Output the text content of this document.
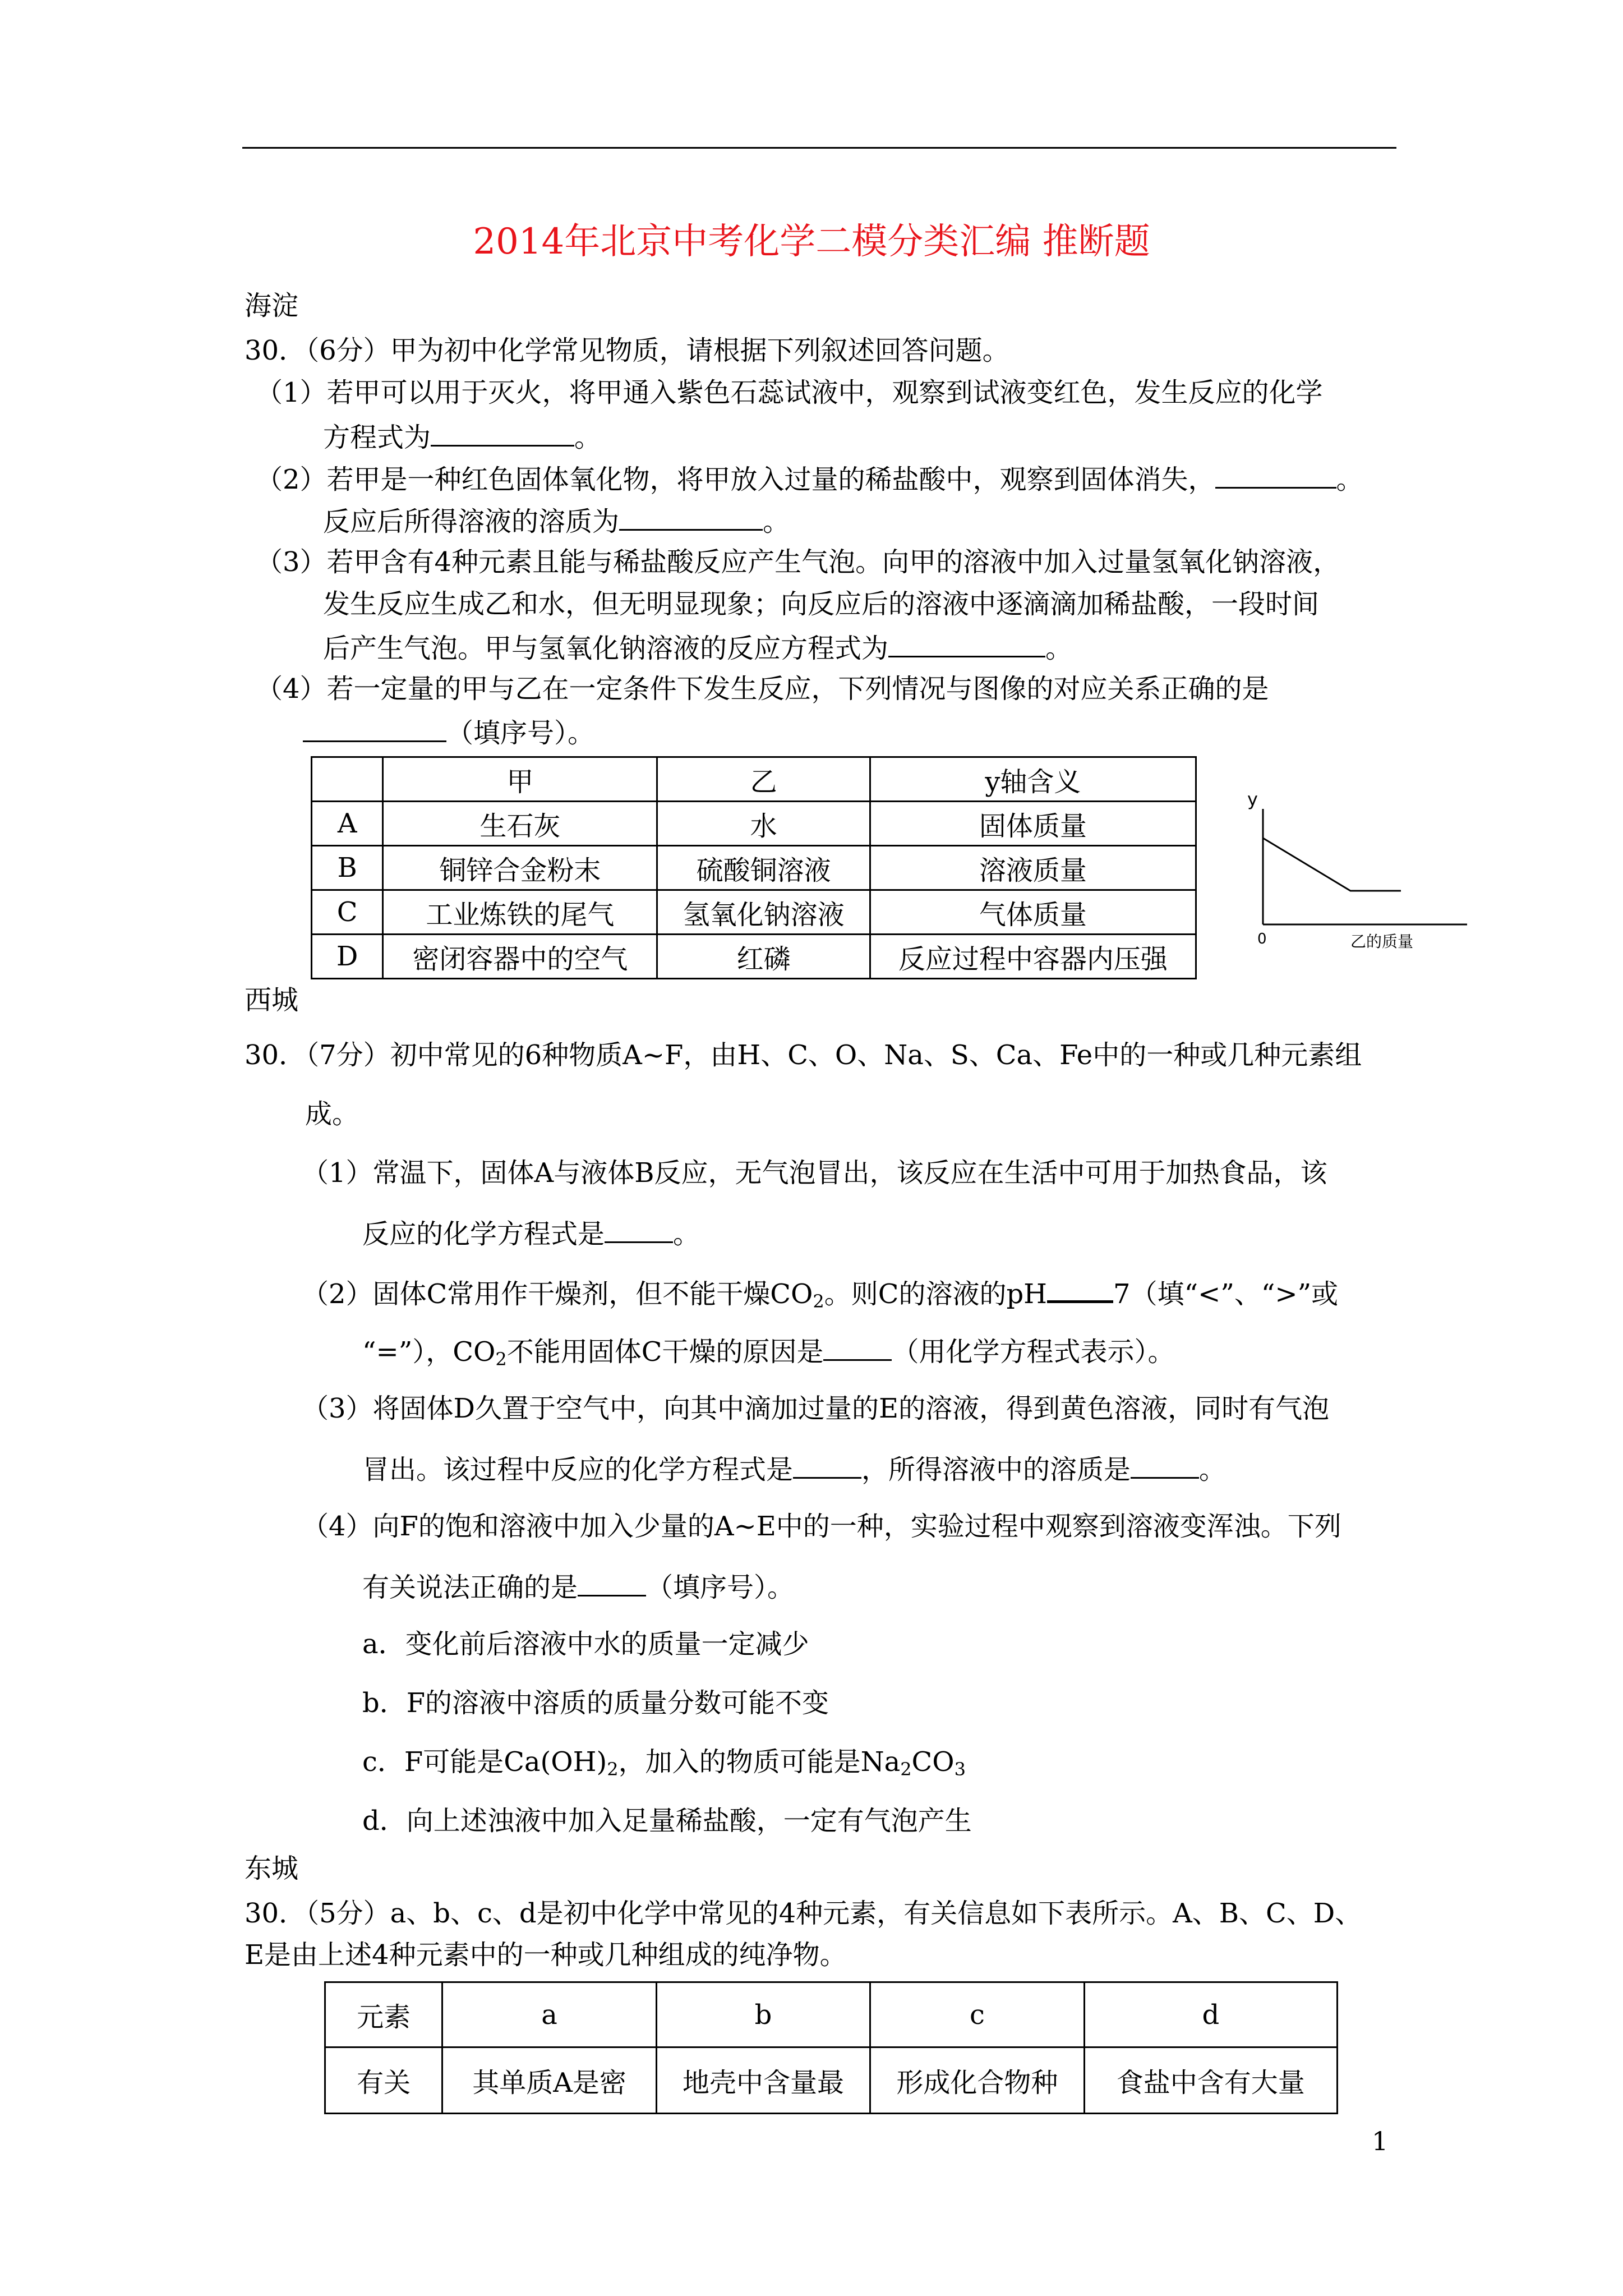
2014年北京中考化学二模分类汇编 推断题
海淀
30．（6分）甲为初中化学常见物质，请根据下列叙述回答问题。
（1）若甲可以用于灭火，将甲通入紫色石蕊试液中，观察到试液变红色，发生反应的化学
方程式为	。
（2）若甲是一种红色固体氧化物，将甲放入过量的稀盐酸中，观察到固体消失，	。
反应后所得溶液的溶质为	。
（3）若甲含有4种元素且能与稀盐酸反应产生气泡。向甲的溶液中加入过量氢氧化钠溶液，
发生反应生成乙和水，但无明显现象；向反应后的溶液中逐滴滴加稀盐酸，一段时间
后产生气泡。甲与氢氧化钠溶液的反应方程式为	。
（4）若一定量的甲与乙在一定条件下发生反应，下列情况与图像的对应关系正确的是
（填序号）。
	甲	乙	y轴含义
A	生石灰	水	固体质量
B	铜锌合金粉末	硫酸铜溶液	溶液质量
C	工业炼铁的尾气	氢氧化钠溶液	气体质量
D	密闭容器中的空气	红磷	反应过程中容器内压强
y
0	乙的质量
西城
30．（7分）初中常见的6种物质A~F，由H、C、O、Na、S、Ca、Fe中的一种或几种元素组
成。
（1）常温下，固体A与液体B反应，无气泡冒出，该反应在生活中可用于加热食品，该
反应的化学方程式是	。
（2）固体C常用作干燥剂，但不能干燥$CO_2$。则C的溶液的pH 7（填“<”、“>”或
“=”），$CO_2$不能用固体C干燥的原因是	（用化学方程式表示）。
（3）将固体D久置于空气中，向其中滴加过量的E的溶液，得到黄色溶液，同时有气泡
冒出。该过程中反应的化学方程式是	，所得溶液中的溶质是	。
（4）向F的饱和溶液中加入少量的A~E中的一种，实验过程中观察到溶液变浑浊。下列
有关说法正确的是	（填序号）。
a．变化前后溶液中水的质量一定减少
b．F的溶液中溶质的质量分数可能不变
c．F可能是$Ca(OH)_2$，加入的物质可能是$Na_2CO_3$
d．向上述浊液中加入足量稀盐酸，一定有气泡产生
东城
30．（5分）a、b、c、d是初中化学中常见的4种元素，有关信息如下表所示。A、B、C、D、
E是由上述4种元素中的一种或几种组成的纯净物。
元素	a	b	c	d
有关	其单质A是密	地壳中含量最	形成化合物种	食盐中含有大量
1
